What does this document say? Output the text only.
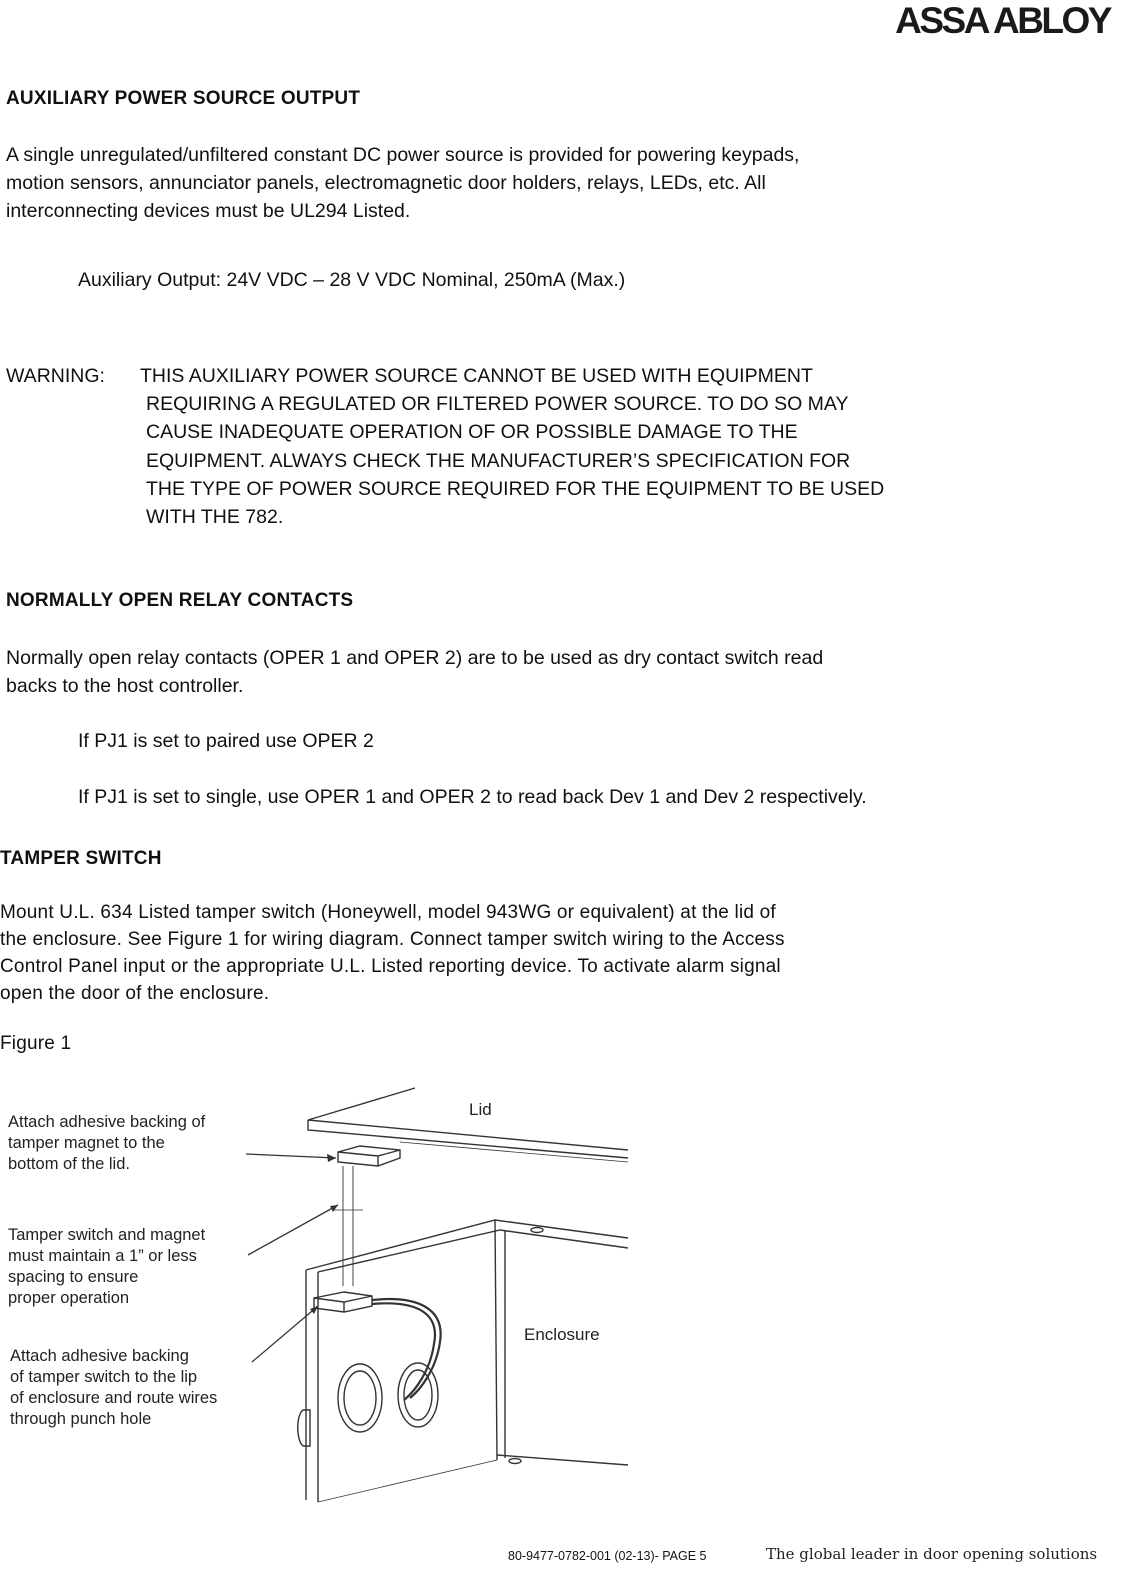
ASSA ABLOY
AUXILIARY POWER SOURCE OUTPUT
A single unregulated/unfiltered constant DC power source is provided for powering keypads,
motion sensors, annunciator panels, electromagnetic door holders, relays, LEDs, etc. All
interconnecting devices must be UL294 Listed.
Auxiliary Output: 24V VDC – 28 V VDC Nominal, 250mA (Max.)
WARNING: THIS AUXILIARY POWER SOURCE CANNOT BE USED WITH EQUIPMENT
REQUIRING A REGULATED OR FILTERED POWER SOURCE. TO DO SO MAY
CAUSE INADEQUATE OPERATION OF OR POSSIBLE DAMAGE TO THE
EQUIPMENT. ALWAYS CHECK THE MANUFACTURER’S SPECIFICATION FOR
THE TYPE OF POWER SOURCE REQUIRED FOR THE EQUIPMENT TO BE USED
WITH THE 782.
NORMALLY OPEN RELAY CONTACTS
Normally open relay contacts (OPER 1 and OPER 2) are to be used as dry contact switch read
backs to the host controller.
If PJ1 is set to paired use OPER 2
If PJ1 is set to single, use OPER 1 and OPER 2 to read back Dev 1 and Dev 2 respectively.
TAMPER SWITCH
Mount U.L. 634 Listed tamper switch (Honeywell, model 943WG or equivalent) at the lid of
the enclosure. See Figure 1 for wiring diagram. Connect tamper switch wiring to the Access
Control Panel input or the appropriate U.L. Listed reporting device. To activate alarm signal
open the door of the enclosure.
Figure 1
Lid
Enclosure
Attach adhesive backing of
tamper magnet to the
bottom of the lid.
Tamper switch and magnet
must maintain a 1” or less
spacing to ensure
proper operation
Attach adhesive backing
of tamper switch to the lip
of enclosure and route wires
through punch hole
80-9477-0782-001 (02-13)- PAGE 5	The global leader in door opening solutions
